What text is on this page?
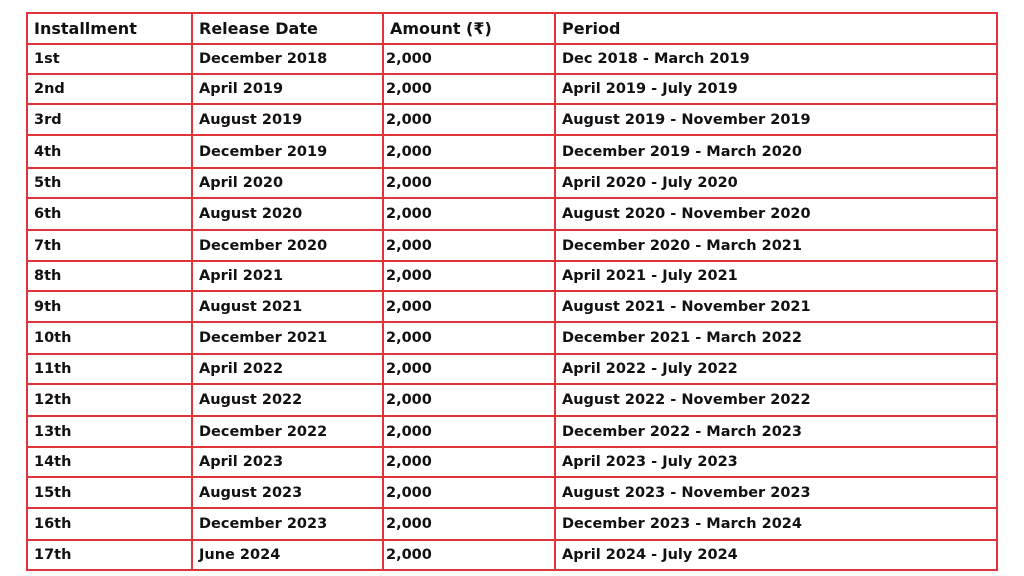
Installment	Release Date	Amount (₹)	Period
1st	December 2018	2,000	Dec 2018 - March 2019
2nd	April 2019	2,000	April 2019 - July 2019
3rd	August 2019	2,000	August 2019 - November 2019
4th	December 2019	2,000	December 2019 - March 2020
5th	April 2020	2,000	April 2020 - July 2020
6th	August 2020	2,000	August 2020 - November 2020
7th	December 2020	2,000	December 2020 - March 2021
8th	April 2021	2,000	April 2021 - July 2021
9th	August 2021	2,000	August 2021 - November 2021
10th	December 2021	2,000	December 2021 - March 2022
11th	April 2022	2,000	April 2022 - July 2022
12th	August 2022	2,000	August 2022 - November 2022
13th	December 2022	2,000	December 2022 - March 2023
14th	April 2023	2,000	April 2023 - July 2023
15th	August 2023	2,000	August 2023 - November 2023
16th	December 2023	2,000	December 2023 - March 2024
17th	June 2024	2,000	April 2024 - July 2024
